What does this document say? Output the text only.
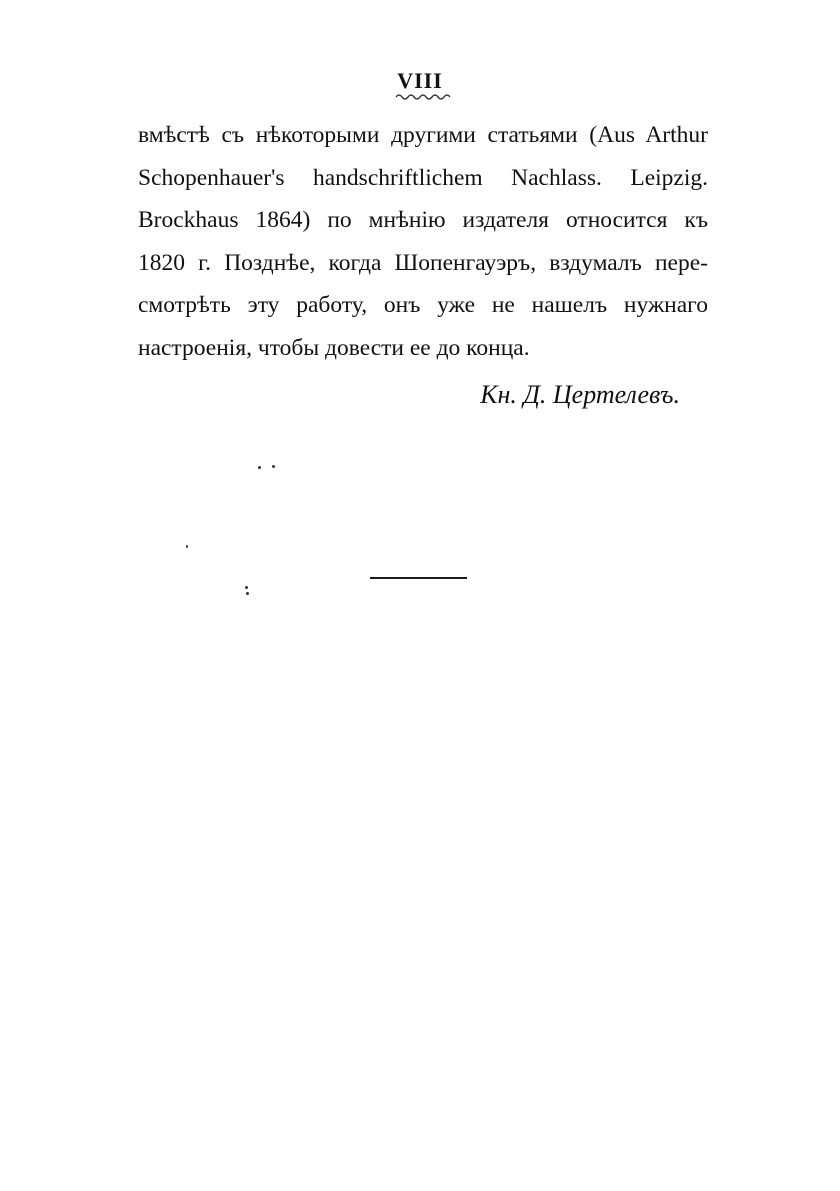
VIII

вмѣстѣ съ нѣкоторыми другими статьями (Aus Arthur
Schopenhauer's handschriftlichem Nachlass. Leipzig.
Brockhaus 1864) по мнѣнію издателя относится къ
1820 г. Позднѣе, когда Шопенгауэръ, вздумалъ пере-
смотрѣть эту работу, онъ уже не нашелъ нужнаго
настроенія, чтобы довести ее до конца.

Кн. Д. Цертелевъ.
